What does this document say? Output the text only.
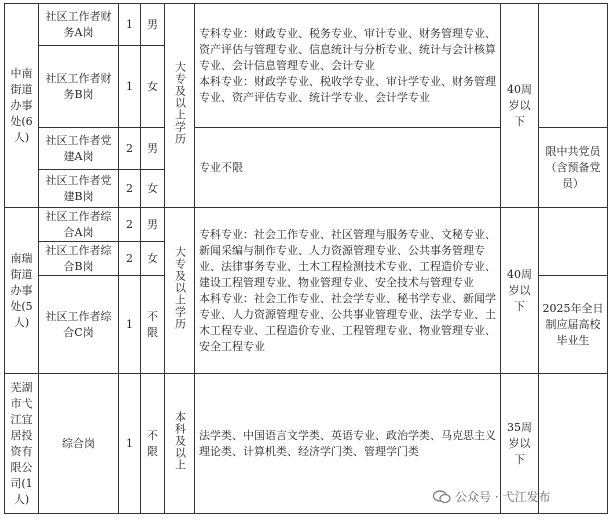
中南街道办事处(6人)	社区工作者财务A岗	1	男	大专及以上学历	专科专业：财政专业、税务专业、审计专业、财务管理专业、资产评估与管理专业、信息统计与分析专业、统计与会计核算专业、会计信息管理专业、会计专业
本科专业：财政学专业、税收学专业、审计学专业、财务管理专业、资产评估专业、统计学专业、会计学专业	40周岁以下	
	社区工作者财务B岗	1	女				
	社区工作者党建A岗	2	男		专业不限		限中共党员（含预备党员）
	社区工作者党建B岗	2	女				
南瑞街道办事处(5人)	社区工作者综合A岗	2	男	大专及以上学历	专科专业：社会工作专业、社区管理与服务专业、文秘专业、新闻采编与制作专业、人力资源管理专业、公共事务管理专业、法律事务专业、土木工程检测技术专业、工程造价专业、建设工程管理专业、物业管理专业、安全技术与管理专业
本科专业：社会工作专业、社会学专业、秘书学专业、新闻学专业、人力资源管理专业、公共事业管理专业、法学专业、土木工程专业、工程造价专业、工程管理专业、物业管理专业、安全工程专业	40周岁以下	
	社区工作者综合B岗	2	女				
	社区工作者综合C岗	1	不限				2025年全日制应届高校毕业生
芜湖市弋江宜居投资有限公司(1人)	综合岗	1	不限	本科及以上	法学类、中国语言文学类、英语专业、政治学类、马克思主义理论类、计算机类、经济学门类、管理学门类	35周岁以下	
公众号 · 弋江发布
